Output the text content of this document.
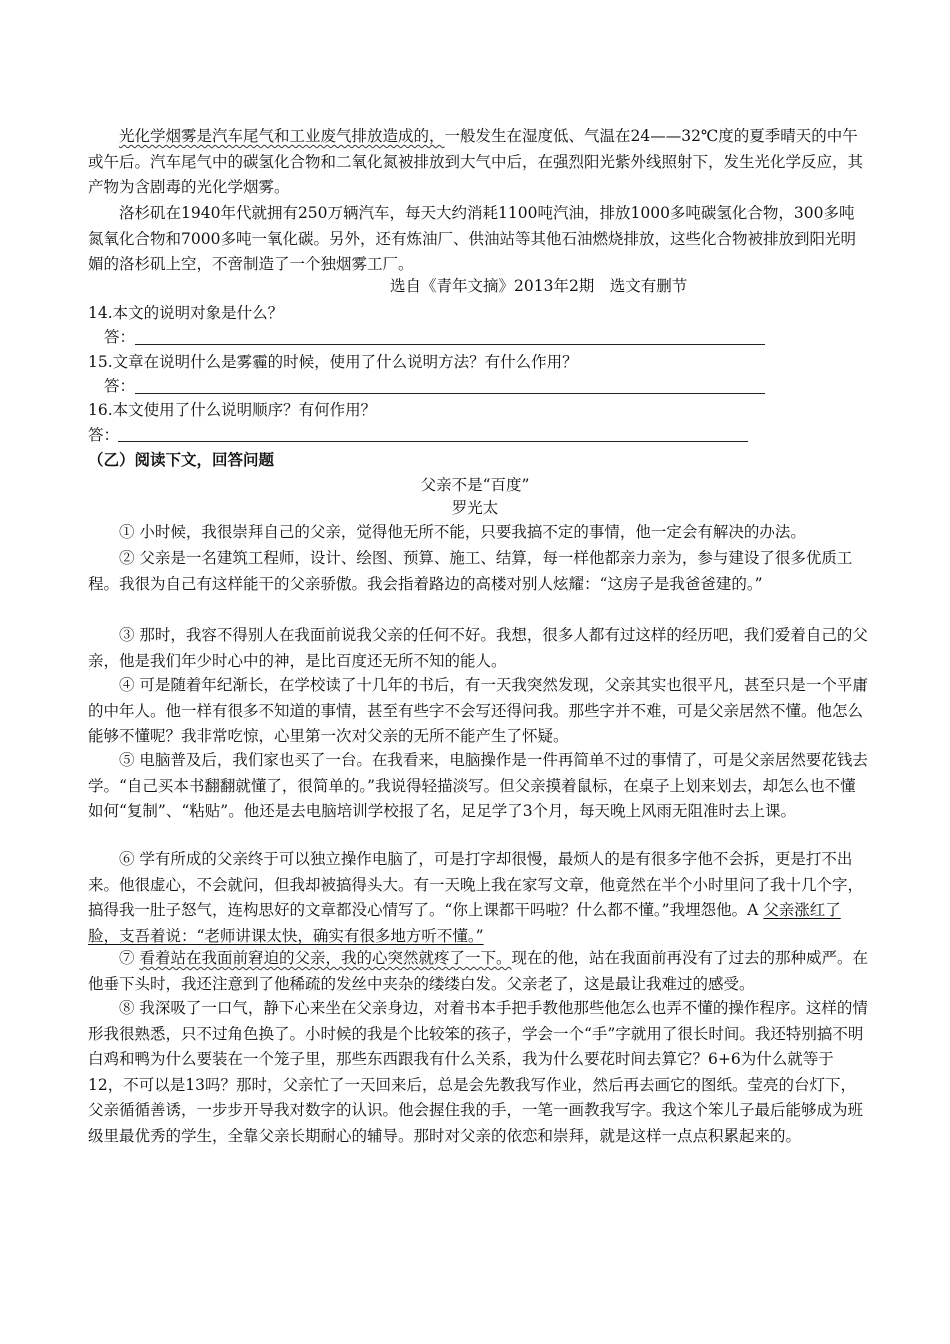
光化学烟雾是汽车尾气和工业废气排放造成的，一般发生在湿度低、气温在24——32℃度的夏季晴天的中午或午后。汽车尾气中的碳氢化合物和二氧化氮被排放到大气中后，在强烈阳光紫外线照射下，发生光化学反应，其产物为含剧毒的光化学烟雾。
洛杉矶在1940年代就拥有250万辆汽车，每天大约消耗1100吨汽油，排放1000多吨碳氢化合物，300多吨氮氧化合物和7000多吨一氧化碳。另外，还有炼油厂、供油站等其他石油燃烧排放，这些化合物被排放到阳光明媚的洛杉矶上空，不啻制造了一个独烟雾工厂。
选自《青年文摘》2013年2期　选文有删节
14.本文的说明对象是什么？
答：
15.文章在说明什么是雾霾的时候，使用了什么说明方法？有什么作用？
答：
16.本文使用了什么说明顺序？有何作用？
答：
（乙）阅读下文，回答问题
父亲不是“百度”
罗光太
① 小时候，我很崇拜自己的父亲，觉得他无所不能，只要我搞不定的事情，他一定会有解决的办法。
② 父亲是一名建筑工程师，设计、绘图、预算、施工、结算，每一样他都亲力亲为，参与建设了很多优质工程。我很为自己有这样能干的父亲骄傲。我会指着路边的高楼对别人炫耀：“这房子是我爸爸建的。”
③ 那时，我容不得别人在我面前说我父亲的任何不好。我想，很多人都有过这样的经历吧，我们爱着自己的父亲，他是我们年少时心中的神，是比百度还无所不知的能人。
④ 可是随着年纪渐长，在学校读了十几年的书后，有一天我突然发现，父亲其实也很平凡，甚至只是一个平庸的中年人。他一样有很多不知道的事情，甚至有些字不会写还得问我。那些字并不难，可是父亲居然不懂。他怎么能够不懂呢？我非常吃惊，心里第一次对父亲的无所不能产生了怀疑。
⑤ 电脑普及后，我们家也买了一台。在我看来，电脑操作是一件再简单不过的事情了，可是父亲居然要花钱去学。“自己买本书翻翻就懂了，很简单的。”我说得轻描淡写。但父亲摸着鼠标，在桌子上划来划去，却怎么也不懂如何“复制”、“粘贴”。他还是去电脑培训学校报了名，足足学了3个月，每天晚上风雨无阻准时去上课。
⑥ 学有所成的父亲终于可以独立操作电脑了，可是打字却很慢，最烦人的是有很多字他不会拆，更是打不出来。他很虚心，不会就问，但我却被搞得头大。有一天晚上我在家写文章，他竟然在半个小时里问了我十几个字，搞得我一肚子怒气，连构思好的文章都没心情写了。“你上课都干吗啦？什么都不懂。”我埋怨他。A 父亲涨红了脸，支吾着说：“老师讲课太快，确实有很多地方听不懂。”
⑦ 看着站在我面前窘迫的父亲，我的心突然就疼了一下。现在的他，站在我面前再没有了过去的那种威严。在他垂下头时，我还注意到了他稀疏的发丝中夹杂的缕缕白发。父亲老了，这是最让我难过的感受。
⑧ 我深吸了一口气，静下心来坐在父亲身边，对着书本手把手教他那些他怎么也弄不懂的操作程序。这样的情形我很熟悉，只不过角色换了。小时候的我是个比较笨的孩子，学会一个“手”字就用了很长时间。我还特别搞不明白鸡和鸭为什么要装在一个笼子里，那些东西跟我有什么关系，我为什么要花时间去算它？6+6为什么就等于12，不可以是13吗？那时，父亲忙了一天回来后，总是会先教我写作业，然后再去画它的图纸。莹亮的台灯下，父亲循循善诱，一步步开导我对数字的认识。他会握住我的手，一笔一画教我写字。我这个笨儿子最后能够成为班级里最优秀的学生，全靠父亲长期耐心的辅导。那时对父亲的依恋和崇拜，就是这样一点点积累起来的。
